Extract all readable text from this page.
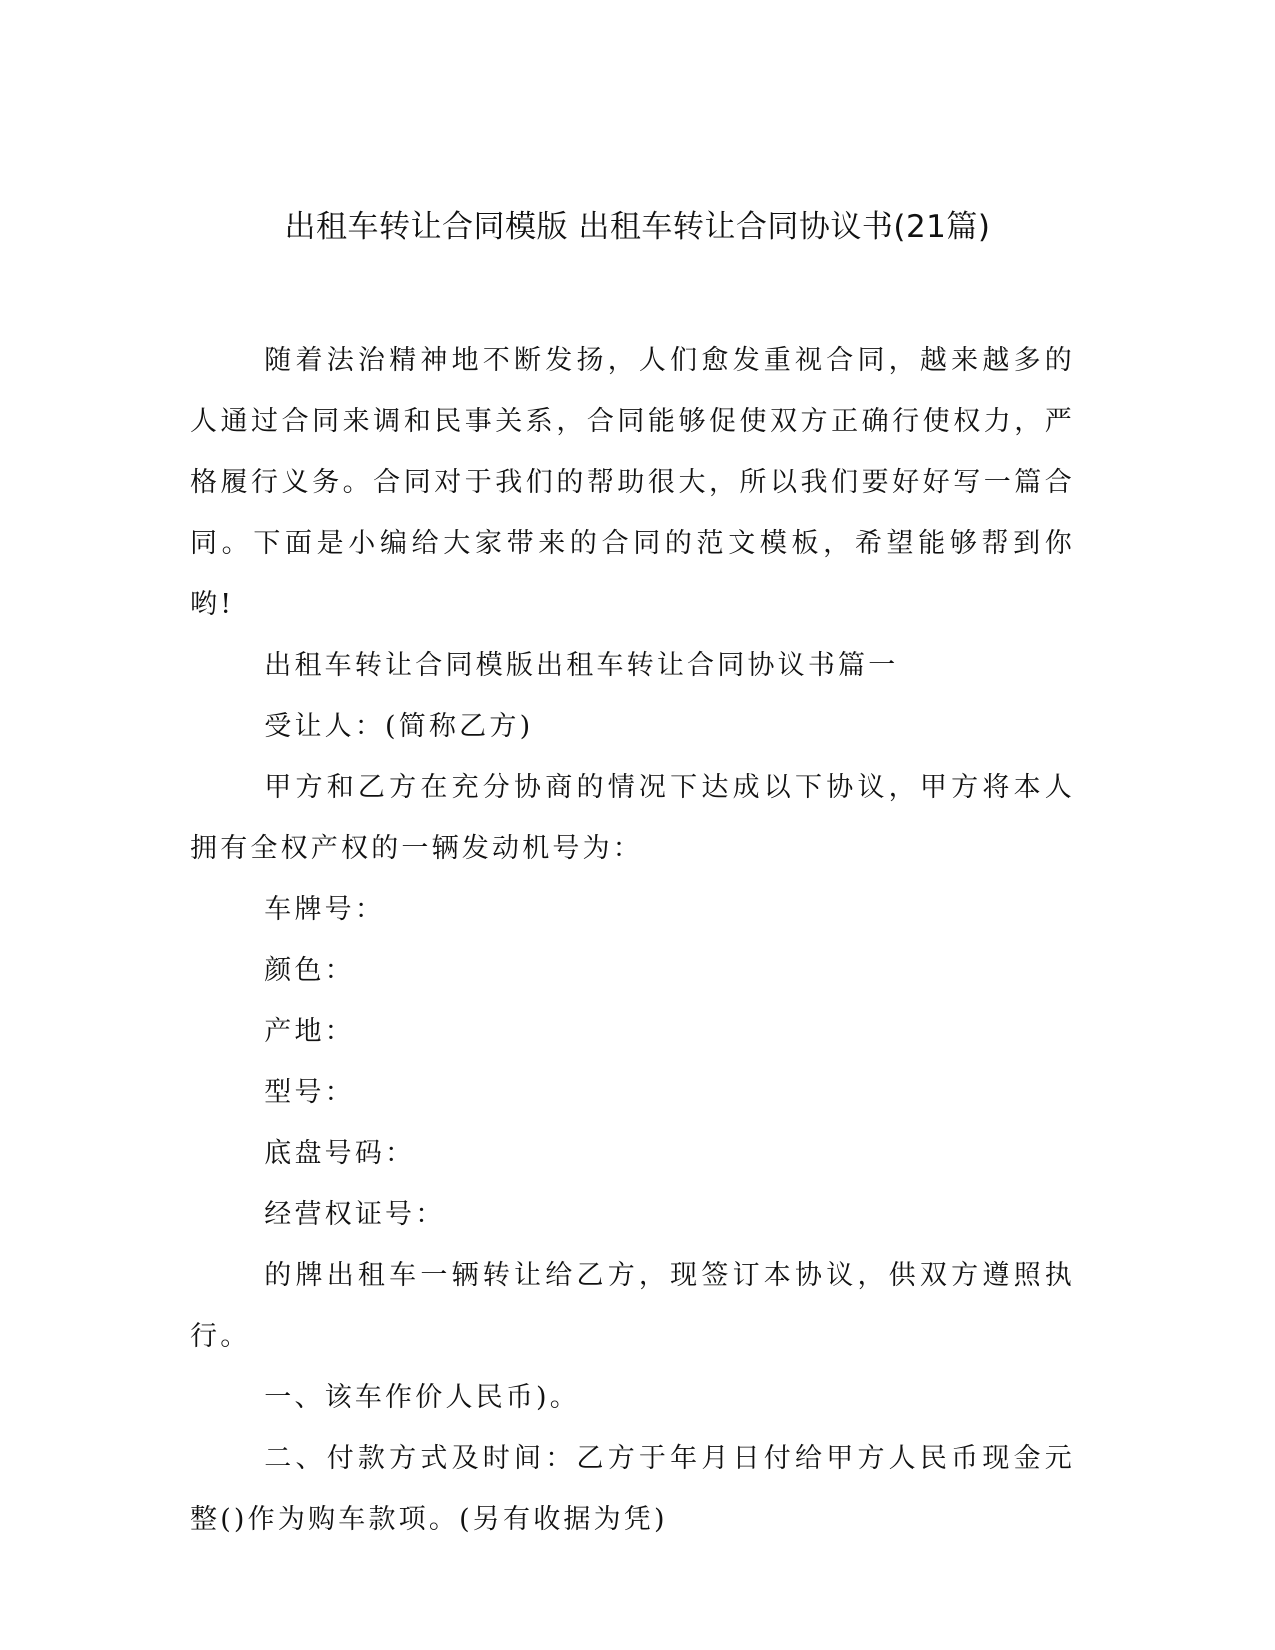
出租车转让合同模版 出租车转让合同协议书(21篇)

随着法治精神地不断发扬，人们愈发重视合同，越来越多的人通过合同来调和民事关系，合同能够促使双方正确行使权力，严格履行义务。合同对于我们的帮助很大，所以我们要好好写一篇合同。下面是小编给大家带来的合同的范文模板，希望能够帮到你哟!

出租车转让合同模版出租车转让合同协议书篇一

受让人：(简称乙方)

甲方和乙方在充分协商的情况下达成以下协议，甲方将本人拥有全权产权的一辆发动机号为：

车牌号：

颜色：

产地：

型号：

底盘号码：

经营权证号：

的牌出租车一辆转让给乙方，现签订本协议，供双方遵照执行。

一、该车作价人民币)。

二、付款方式及时间：乙方于年月日付给甲方人民币现金元整()作为购车款项。(另有收据为凭)
